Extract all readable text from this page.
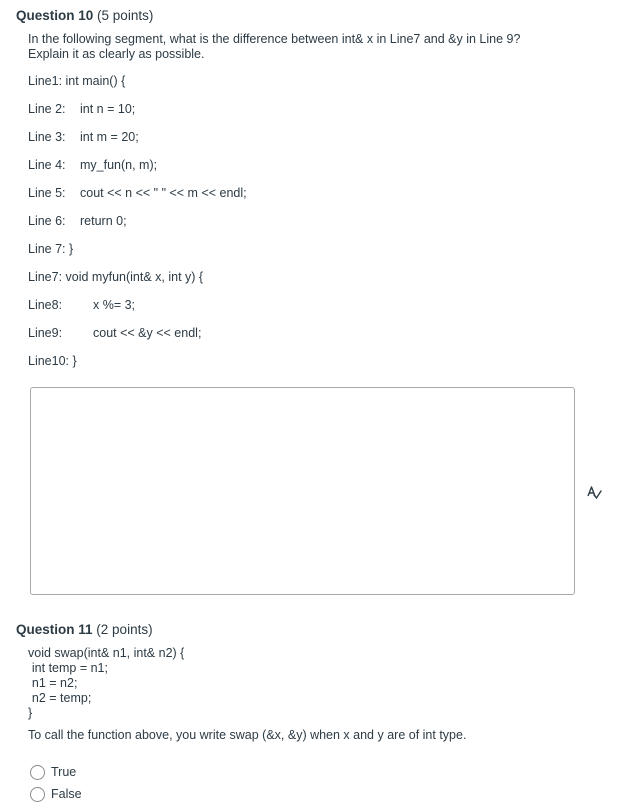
Question 10 (5 points)
In the following segment, what is the difference between int& x in Line7 and &y in Line 9?
Explain it as clearly as possible.
Line1: int main() {
Line 2: int n = 10;
Line 3: int m = 20;
Line 4: my_fun(n, m);
Line 5: cout << n << " " << m << endl;
Line 6: return 0;
Line 7: }
Line7: void myfun(int& x, int y) {
Line8: x %= 3;
Line9: cout << &y << endl;
Line10: }
Question 11 (2 points)
void swap(int& n1, int& n2) {
int temp = n1;
n1 = n2;
n2 = temp;
}
To call the function above, you write swap (&x, &y) when x and y are of int type.
True
False
